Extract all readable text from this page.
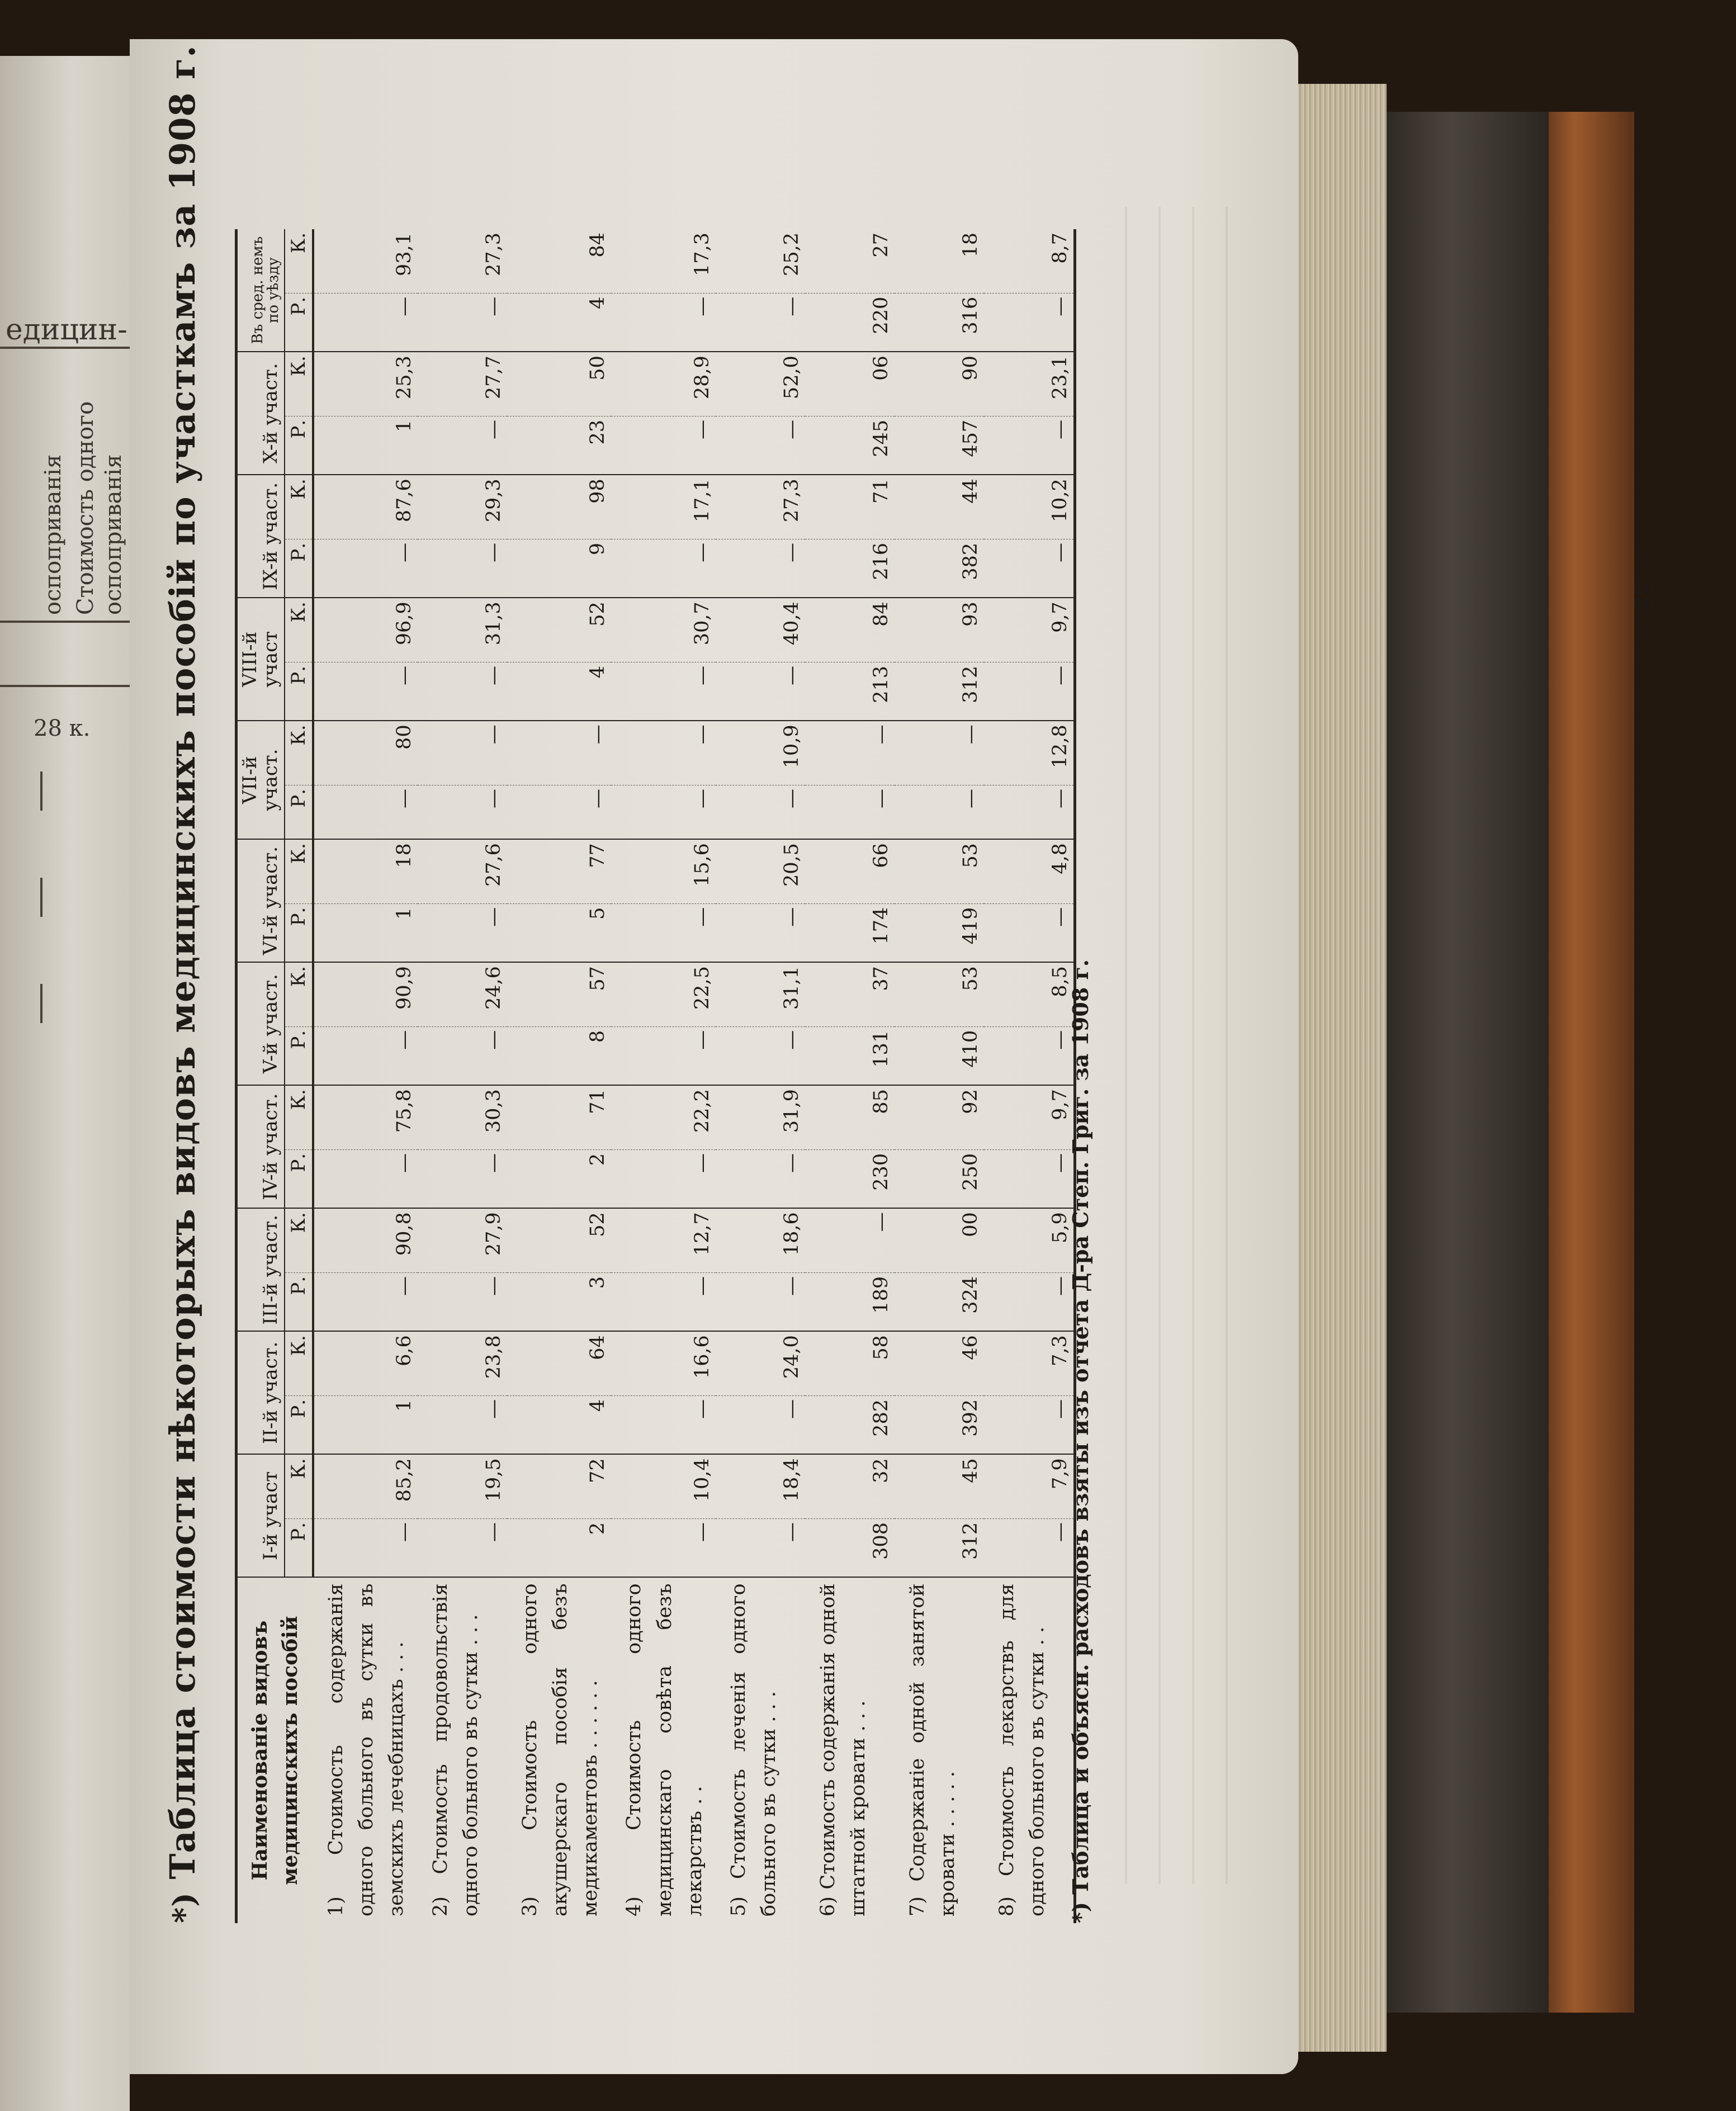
едицин-
оспоприванія Стоимость одного оспоприванія
28 к.
*) Таблица стоимости нѣкоторыхъ видовъ медицинскихъ пособій по участкамъ за 1908 г. Наименованіе видовъ медицинскихъ пособій	I-й участ		II-й участ.		III-й участ.		IV-й участ.		V-й участ.		VI-й участ.		VII-й участ.		VIII-й участ		IX-й участ.		X-й участ.		Въ сред. немъ по уѣзду	
	Р.	К.	Р.	К.	Р.	К.	Р.	К.	Р.	К.	Р.	К.	Р.	К.	Р.	К.	Р.	К.	Р.	К.	Р.	К.
1) Стоимость содержанія одного больного въ сутки въ земскихъ лечебницахъ . . .	—	85,2	1	6,6	—	90,8	—	75,8	—	90,9	1	18	—	80	—	96,9	—	87,6	1	25,3	—	93,1
2) Стоимость продовольствія одного больного въ сутки . . .	—	19,5	—	23,8	—	27,9	—	30,3	—	24,6	—	27,6	—	—	—	31,3	—	29,3	—	27,7	—	27,3
3) Стоимость одного акушерскаго пособія безъ медикаментовъ . . . . . .	2	72	4	64	3	52	2	71	8	57	5	77	—	—	4	52	9	98	23	50	4	84
4) Стоимость одного медицинскаго совѣта безъ лекарствъ . .	—	10,4	—	16,6	—	12,7	—	22,2	—	22,5	—	15,6	—	—	—	30,7	—	17,1	—	28,9	—	17,3
5) Стоимость леченія одного больного въ сутки . . .	—	18,4	—	24,0	—	18,6	—	31,9	—	31,1	—	20,5	—	10,9	—	40,4	—	27,3	—	52,0	—	25,2
6) Стоимость содержанія одной штатной кровати . . .	308	32	282	58	189	—	230	85	131	37	174	66	—	—	213	84	216	71	245	06	220	27
7) Содержаніе одной занятой кровати . . . . .	312	45	392	46	324	00	250	92	410	53	419	53	—	—	312	93	382	44	457	90	316	18
8) Стоимость лекарствъ для одного больного въ сутки . .	—	7,9	—	7,3	—	5,9	—	9,7	—	8,5	—	4,8	—	12,8	—	9,7	—	10,2	—	23,1	—	8,7
*) Таблица и объясн. расходовъ взяты изъ отчета Д-ра Степ. Григ. за 1908 г.
— 55 —
